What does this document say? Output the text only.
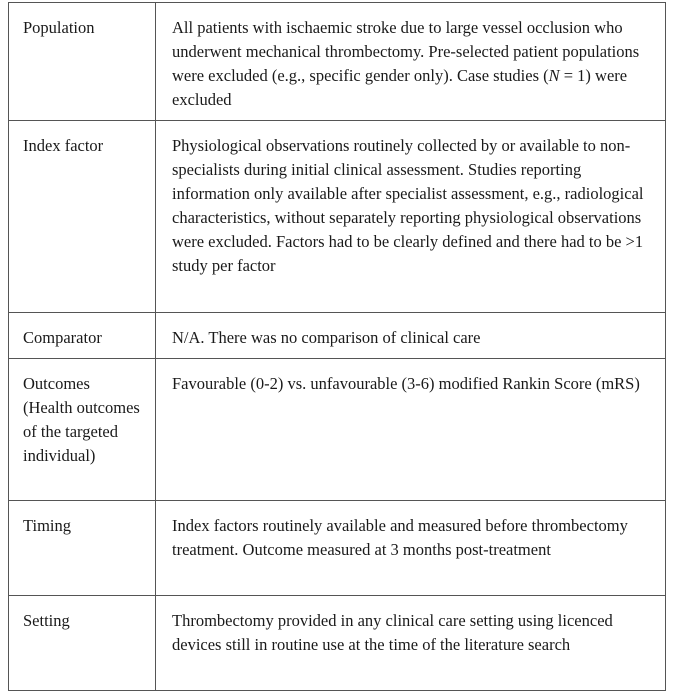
Population	All patients with ischaemic stroke due to large vessel occlusion who underwent mechanical thrombectomy. Pre-selected patient populations were excluded (e.g., specific gender only). Case studies (N = 1) were excluded
Index factor	Physiological observations routinely collected by or available to non-specialists during initial clinical assessment. Studies reporting information only available after specialist assessment, e.g., radiological characteristics, without separately reporting physiological observations were excluded. Factors had to be clearly defined and there had to be >1 study per factor
Comparator	N/A. There was no comparison of clinical care
Outcomes (Health outcomes of the targeted individual)	Favourable (0-2) vs. unfavourable (3-6) modified Rankin Score (mRS)
Timing	Index factors routinely available and measured before thrombectomy treatment. Outcome measured at 3 months post-treatment
Setting	Thrombectomy provided in any clinical care setting using licenced devices still in routine use at the time of the literature search
